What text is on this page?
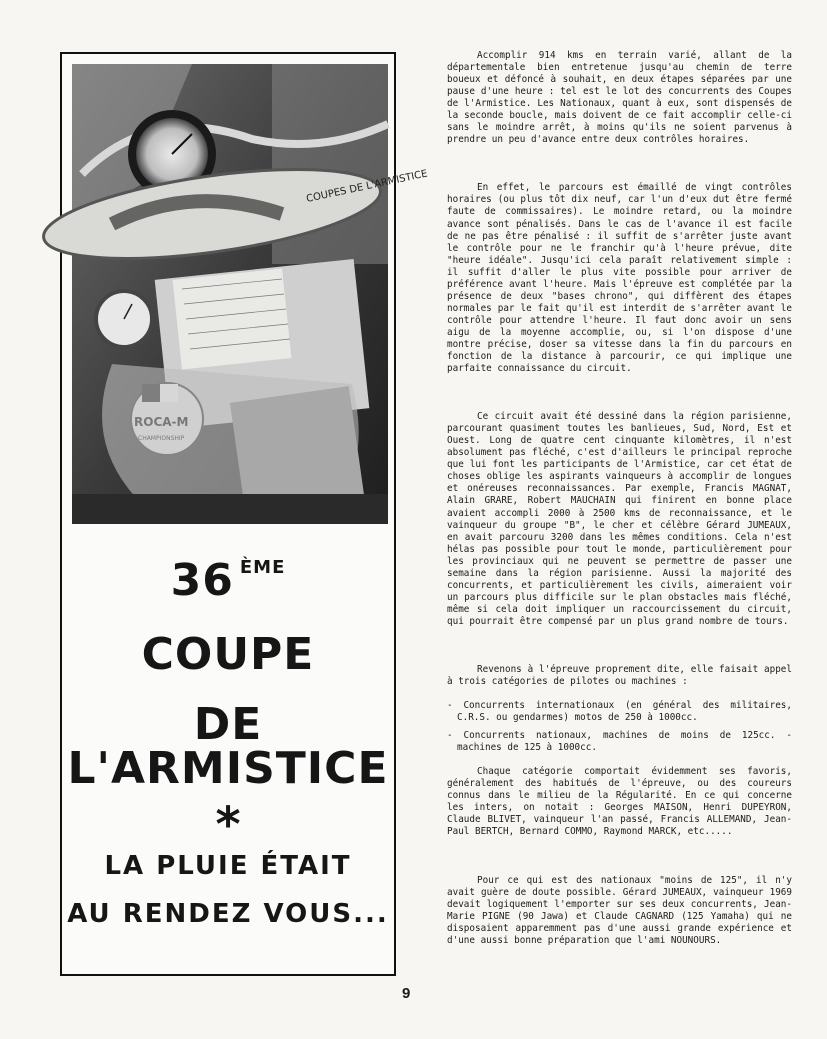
COUPES DE L'ARMISTICE
36 $^{ÈME}$
COUPE
DE L'ARMISTICE
*
LA PLUIE ÉTAIT
AU RENDEZ VOUS...

Accomplir 914 kms en terrain varié, allant de la départementale bien entretenue jusqu'au chemin de terre boueux et défoncé à souhait, en deux étapes séparées par une pause d'une heure : tel est le lot des concurrents des Coupes de l'Armistice. Les Nationaux, quant à eux, sont dispensés de la seconde boucle, mais doivent de ce fait accomplir celle-ci sans le moindre arrêt, à moins qu'ils ne soient parvenus à prendre un peu d'avance entre deux contrôles horaires.

En effet, le parcours est émaillé de vingt contrôles horaires (ou plus tôt dix neuf, car l'un d'eux dut être fermé faute de commissaires). Le moindre retard, ou la moindre avance sont pénalisés. Dans le cas de l'avance il est facile de ne pas être pénalisé : il suffit de s'arrêter juste avant le contrôle pour ne le franchir qu'à l'heure prévue, dite "heure idéale". Jusqu'ici cela paraît relativement simple : il suffit d'aller le plus vite possible pour arriver de préférence avant l'heure. Mais l'épreuve est complétée par la présence de deux "bases chrono", qui diffèrent des étapes normales par le fait qu'il est interdit de s'arrêter avant le contrôle pour attendre l'heure. Il faut donc avoir un sens aigu de la moyenne accomplie, ou, si l'on dispose d'une montre précise, doser sa vitesse dans la fin du parcours en fonction de la distance à parcourir, ce qui implique une parfaite connaissance du circuit.

Ce circuit avait été dessiné dans la région parisienne, parcourant quasiment toutes les banlieues, Sud, Nord, Est et Ouest. Long de quatre cent cinquante kilomètres, il n'est absolument pas fléché, c'est d'ailleurs le principal reproche que lui font les participants de l'Armistice, car cet état de choses oblige les aspirants vainqueurs à accomplir de longues et onéreuses reconnaissances. Par exemple, Francis MAGNAT, Alain GRARE, Robert MAUCHAIN qui finirent en bonne place avaient accompli 2000 à 2500 kms de reconnaissance, et le vainqueur du groupe "B", le cher et célèbre Gérard JUMEAUX, en avait parcouru 3200 dans les mêmes conditions. Cela n'est hélas pas possible pour tout le monde, particulièrement pour les provinciaux qui ne peuvent se permettre de passer une semaine dans la région parisienne. Aussi la majorité des concurrents, et particulièrement les civils, aimeraient voir un parcours plus difficile sur le plan obstacles mais fléché, même si cela doit impliquer un raccourcissement du circuit, qui pourrait être compensé par un plus grand nombre de tours.

Revenons à l'épreuve proprement dite, elle faisait appel à trois catégories de pilotes ou machines :

- Concurrents internationaux (en général des militaires, C.R.S. ou gendarmes) motos de 250 à 1000cc.

- Concurrents nationaux, machines de moins de 125cc. - machines de 125 à 1000cc.

Chaque catégorie comportait évidemment ses favoris, généralement des habitués de l'épreuve, ou des coureurs connus dans le milieu de la Régularité. En ce qui concerne les inters, on notait : Georges MAISON, Henri DUPEYRON, Claude BLIVET, vainqueur l'an passé, Francis ALLEMAND, Jean-Paul BERTCH, Bernard COMMO, Raymond MARCK, etc.....

Pour ce qui est des nationaux "moins de 125", il n'y avait guère de doute possible. Gérard JUMEAUX, vainqueur 1969 devait logiquement l'emporter sur ses deux concurrents, Jean-Marie PIGNE (90 Jawa) et Claude CAGNARD (125 Yamaha) qui ne disposaient apparemment pas d'une aussi grande expérience et d'une aussi bonne préparation que l'ami NOUNOURS.

9
